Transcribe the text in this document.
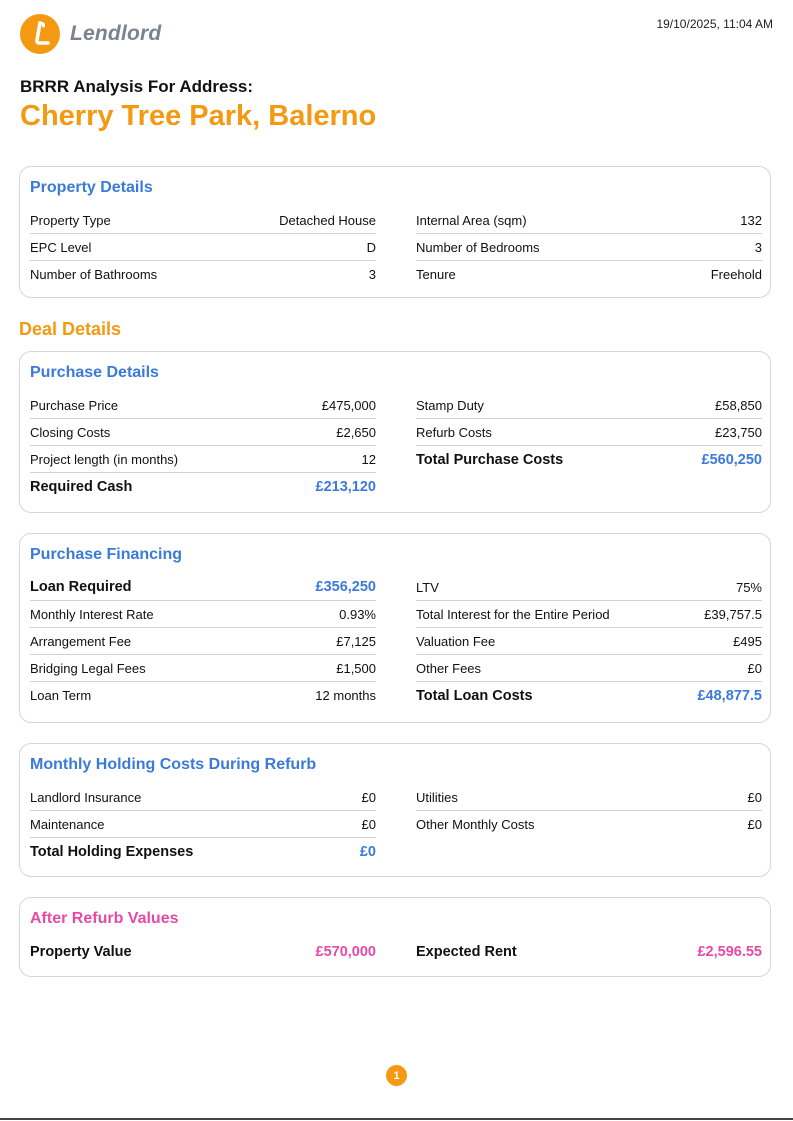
Lendlord	19/10/2025, 11:04 AM
BRRR Analysis For Address:
Cherry Tree Park, Balerno
Property Details
Property Type	Detached House
EPC Level	D
Number of Bathrooms	3
Internal Area (sqm)	132
Number of Bedrooms	3
Tenure	Freehold
Deal Details
Purchase Details
Purchase Price	£475,000
Closing Costs	£2,650
Project length (in months)	12
Required Cash	£213,120
Stamp Duty	£58,850
Refurb Costs	£23,750
Total Purchase Costs	£560,250
Purchase Financing
Loan Required	£356,250
Monthly Interest Rate	0.93%
Arrangement Fee	£7,125
Bridging Legal Fees	£1,500
Loan Term	12 months
LTV	75%
Total Interest for the Entire Period	£39,757.5
Valuation Fee	£495
Other Fees	£0
Total Loan Costs	£48,877.5
Monthly Holding Costs During Refurb
Landlord Insurance	£0
Maintenance	£0
Total Holding Expenses	£0
Utilities	£0
Other Monthly Costs	£0
After Refurb Values
Property Value	£570,000	Expected Rent	£2,596.55
1
